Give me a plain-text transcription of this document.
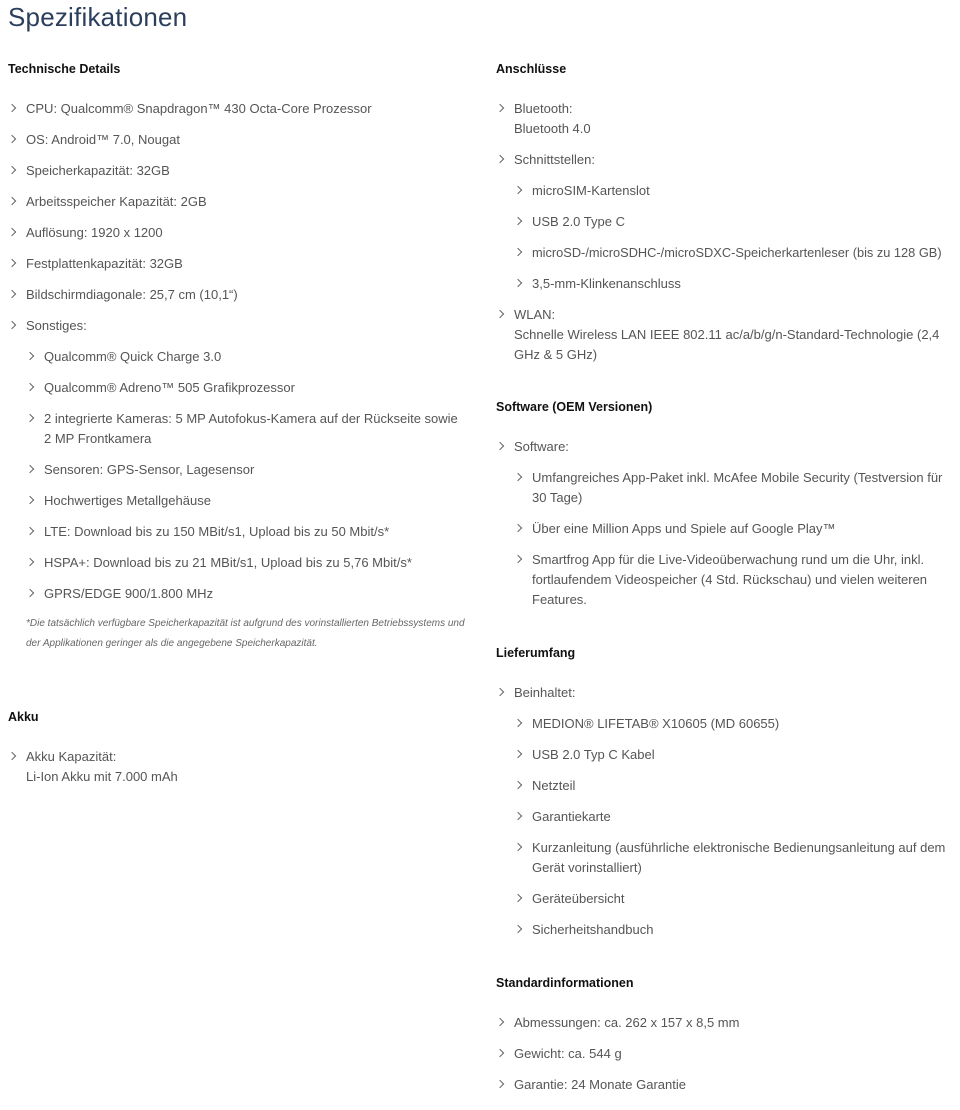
Spezifikationen
Technische Details
CPU: Qualcomm® Snapdragon™ 430 Octa-Core Prozessor
OS: Android™ 7.0, Nougat
Speicherkapazität: 32GB
Arbeitsspeicher Kapazität: 2GB
Auflösung: 1920 x 1200
Festplattenkapazität: 32GB
Bildschirmdiagonale: 25,7 cm (10,1“)
Sonstiges:
Qualcomm® Quick Charge 3.0
Qualcomm® Adreno™ 505 Grafikprozessor
2 integrierte Kameras: 5 MP Autofokus-Kamera auf der Rückseite sowie 2 MP Frontkamera
Sensoren: GPS-Sensor, Lagesensor
Hochwertiges Metallgehäuse
LTE: Download bis zu 150 MBit/s1, Upload bis zu 50 Mbit/s*
HSPA+: Download bis zu 21 MBit/s1, Upload bis zu 5,76 Mbit/s*
GPRS/EDGE 900/1.800 MHz
*Die tatsächlich verfügbare Speicherkapazität ist aufgrund des vorinstallierten Betriebssystems und der Applikationen geringer als die angegebene Speicherkapazität.
Akku
Akku Kapazität:
Li-Ion Akku mit 7.000 mAh
Anschlüsse
Bluetooth:
Bluetooth 4.0
Schnittstellen:
microSIM-Kartenslot
USB 2.0 Type C
microSD-/microSDHC-/microSDXC-Speicherkartenleser (bis zu 128 GB)
3,5-mm-Klinkenanschluss
WLAN:
Schnelle Wireless LAN IEEE 802.11 ac/a/b/g/n-Standard-Technologie (2,4 GHz & 5 GHz)
Software (OEM Versionen)
Software:
Umfangreiches App-Paket inkl. McAfee Mobile Security (Testversion für 30 Tage)
Über eine Million Apps und Spiele auf Google Play™
Smartfrog App für die Live-Videoüberwachung rund um die Uhr, inkl. fortlaufendem Videospeicher (4 Std. Rückschau) und vielen weiteren Features.
Lieferumfang
Beinhaltet:
MEDION® LIFETAB® X10605 (MD 60655)
USB 2.0 Typ C Kabel
Netzteil
Garantiekarte
Kurzanleitung (ausführliche elektronische Bedienungsanleitung auf dem Gerät vorinstalliert)
Geräteübersicht
Sicherheitshandbuch
Standardinformationen
Abmessungen: ca. 262 x 157 x 8,5 mm
Gewicht: ca. 544 g
Garantie: 24 Monate Garantie
